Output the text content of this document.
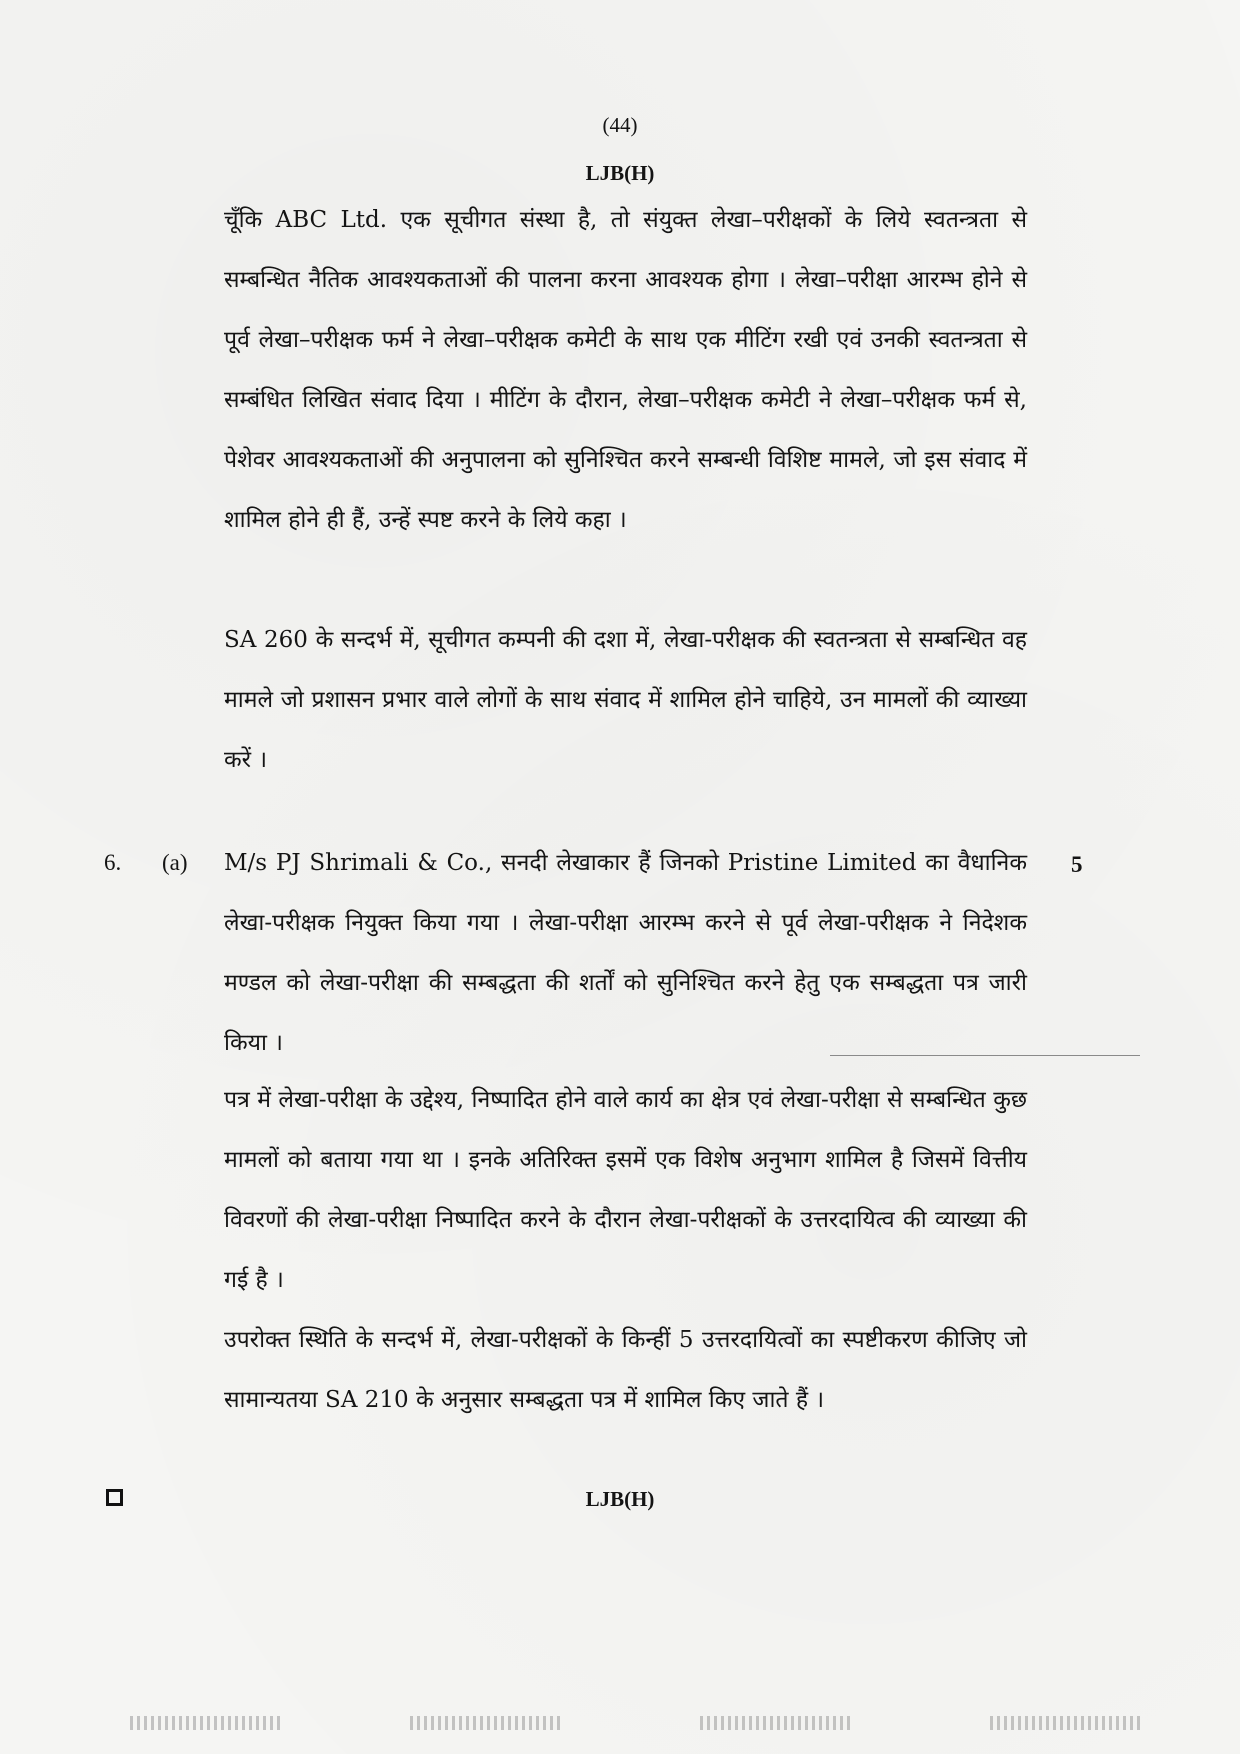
(44)
LJB(H)
चूँकि ABC Ltd. एक सूचीगत संस्था है, तो संयुक्त लेखा–परीक्षकों के लिये स्वतन्त्रता से सम्बन्धित नैतिक आवश्यकताओं की पालना करना आवश्यक होगा । लेखा–परीक्षा आरम्भ होने से पूर्व लेखा–परीक्षक फर्म ने लेखा–परीक्षक कमेटी के साथ एक मीटिंग रखी एवं उनकी स्वतन्त्रता से सम्बंधित लिखित संवाद दिया । मीटिंग के दौरान, लेखा–परीक्षक कमेटी ने लेखा–परीक्षक फर्म से, पेशेवर आवश्यकताओं की अनुपालना को सुनिश्चित करने सम्बन्धी विशिष्ट मामले, जो इस संवाद में शामिल होने ही हैं, उन्हें स्पष्ट करने के लिये कहा ।
SA 260 के सन्दर्भ में, सूचीगत कम्पनी की दशा में, लेखा-परीक्षक की स्वतन्त्रता से सम्बन्धित वह मामले जो प्रशासन प्रभार वाले लोगों के साथ संवाद में शामिल होने चाहिये, उन मामलों की व्याख्या करें ।
6. (a)	5
M/s PJ Shrimali & Co., सनदी लेखाकार हैं जिनको Pristine Limited का वैधानिक लेखा-परीक्षक नियुक्त किया गया । लेखा-परीक्षा आरम्भ करने से पूर्व लेखा-परीक्षक ने निदेशक मण्डल को लेखा-परीक्षा की सम्बद्धता की शर्तों को सुनिश्चित करने हेतु एक सम्बद्धता पत्र जारी किया ।
पत्र में लेखा-परीक्षा के उद्देश्य, निष्पादित होने वाले कार्य का क्षेत्र एवं लेखा-परीक्षा से सम्बन्धित कुछ मामलों को बताया गया था । इनके अतिरिक्त इसमें एक विशेष अनुभाग शामिल है जिसमें वित्तीय विवरणों की लेखा-परीक्षा निष्पादित करने के दौरान लेखा-परीक्षकों के उत्तरदायित्व की व्याख्या की गई है ।
उपरोक्त स्थिति के सन्दर्भ में, लेखा-परीक्षकों के किन्हीं 5 उत्तरदायित्वों का स्पष्टीकरण कीजिए जो सामान्यतया SA 210 के अनुसार सम्बद्धता पत्र में शामिल किए जाते हैं ।
LJB(H)
